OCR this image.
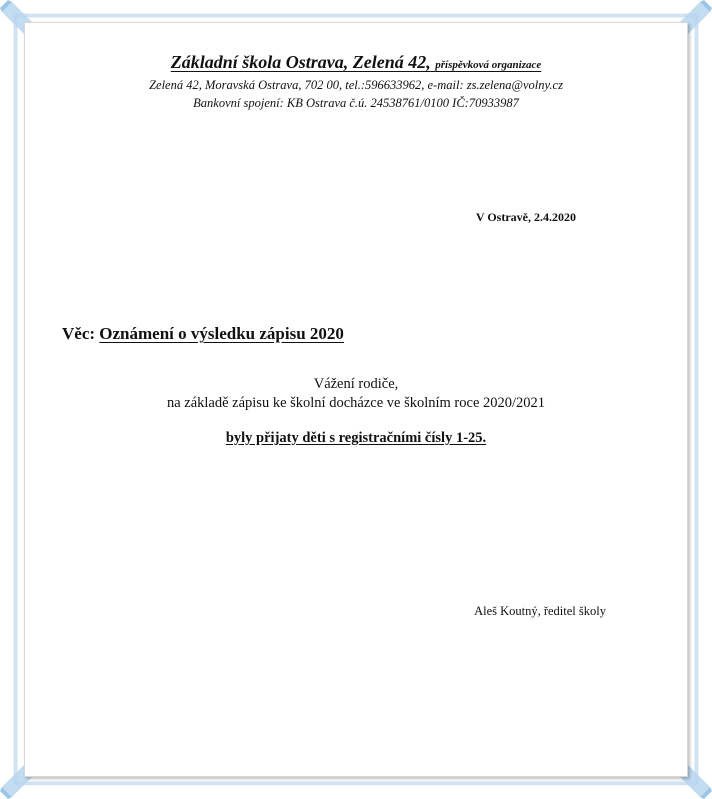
Základní škola Ostrava, Zelená 42, příspěvková organizace
Zelená 42, Moravská Ostrava, 702 00, tel.:596633962, e-mail: zs.zelena@volny.cz
Bankovní spojení: KB Ostrava č.ú. 24538761/0100 IČ:70933987
V Ostravě, 2.4.2020
Věc: Oznámení o výsledku zápisu 2020
Vážení rodiče,
na základě zápisu ke školní docházce ve školním roce 2020/2021
byly přijaty děti s registračními čísly 1-25.
Aleš Koutný, ředitel školy
